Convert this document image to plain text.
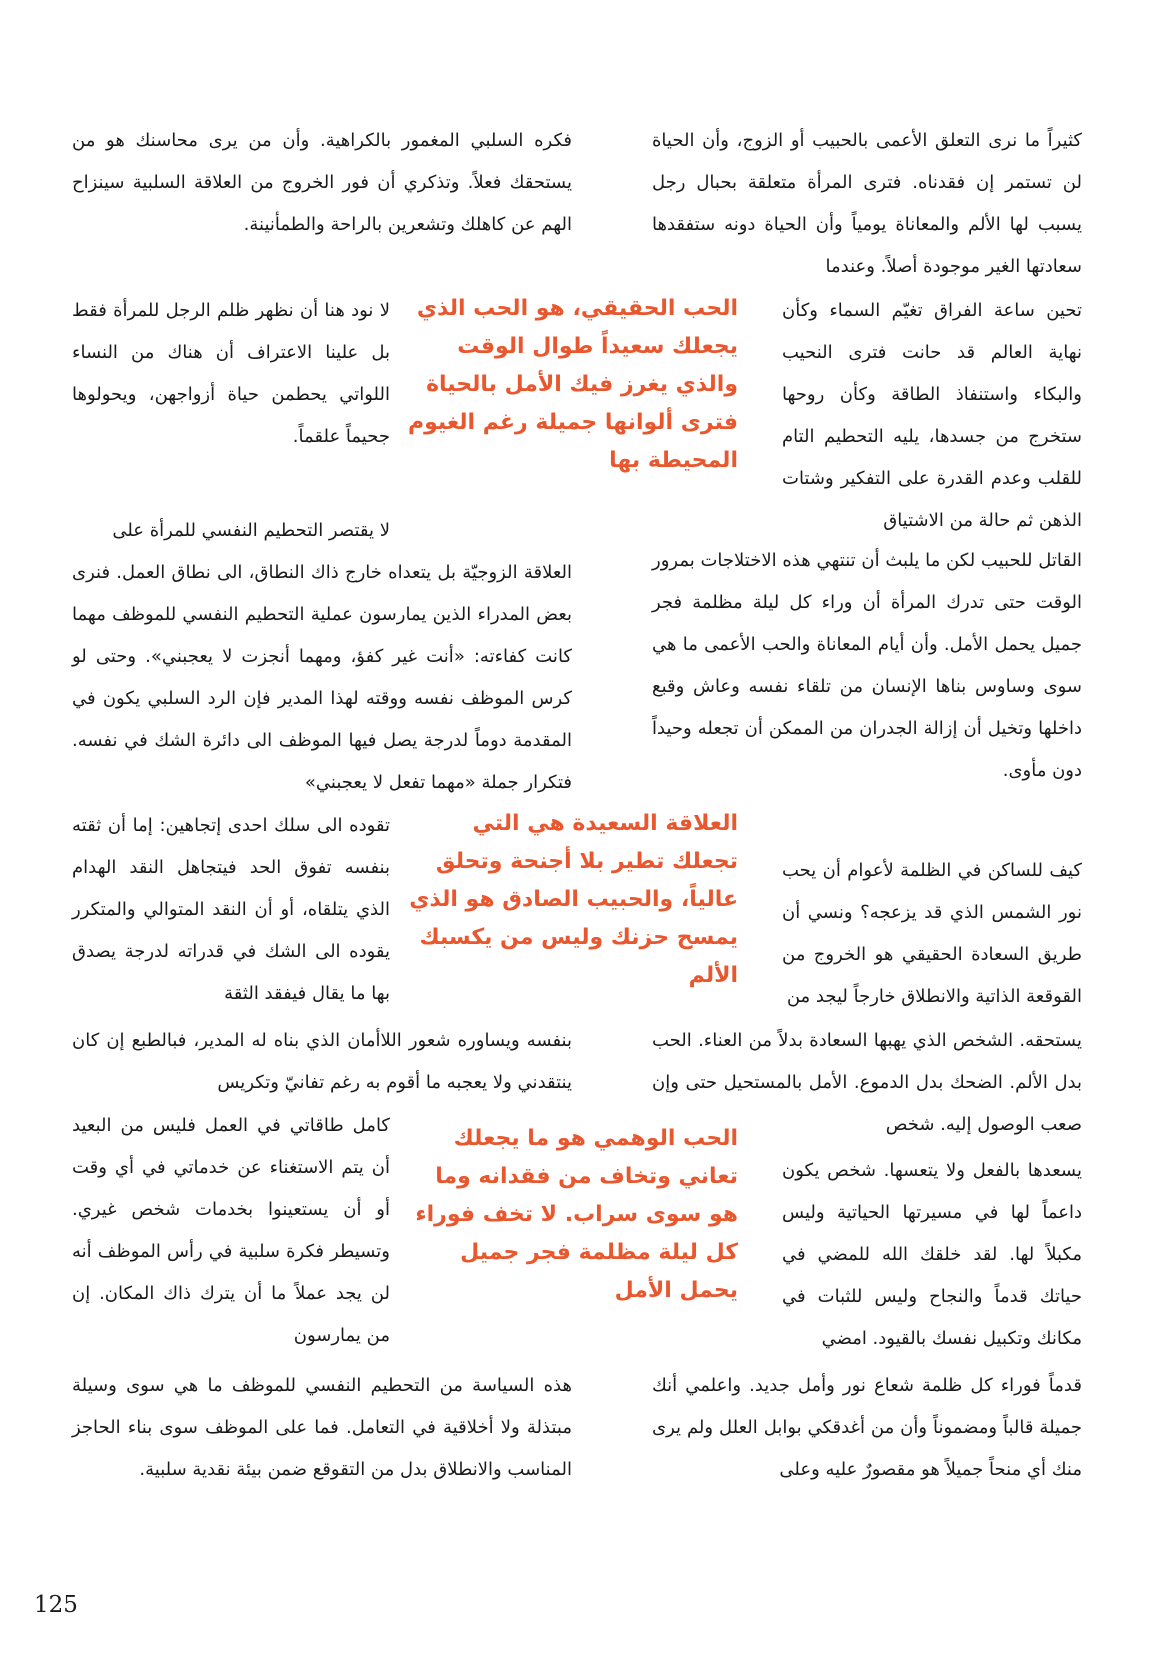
كثيراً ما نرى التعلق الأعمى بالحبيب أو الزوج، وأن الحياة لن تستمر إن فقدناه. فترى المرأة متعلقة بحبال رجل يسبب لها الألم والمعاناة يومياً وأن الحياة دونه ستفقدها سعادتها الغير موجودة أصلاً. وعندما

تحين ساعة الفراق تغيّم السماء وكأن نهاية العالم قد حانت فترى النحيب والبكاء واستنفاذ الطاقة وكأن روحها ستخرج من جسدها، يليه التحطيم التام للقلب وعدم القدرة على التفكير وشتات الذهن ثم حالة من الاشتياق

القاتل للحبيب لكن ما يلبث أن تنتهي هذه الاختلاجات بمرور الوقت حتى تدرك المرأة أن وراء كل ليلة مظلمة فجر جميل يحمل الأمل. وأن أيام المعاناة والحب الأعمى ما هي سوى وساوس بناها الإنسان من تلقاء نفسه وعاش وقبع داخلها وتخيل أن إزالة الجدران من الممكن أن تجعله وحيداً دون مأوى.

كيف للساكن في الظلمة لأعوام أن يحب نور الشمس الذي قد يزعجه؟ ونسي أن طريق السعادة الحقيقي هو الخروج من القوقعة الذاتية والانطلاق خارجاً ليجد من

يستحقه. الشخص الذي يهبها السعادة بدلاً من العناء. الحب بدل الألم. الضحك بدل الدموع. الأمل بالمستحيل حتى وإن صعب الوصول إليه. شخص

يسعدها بالفعل ولا يتعسها. شخص يكون داعماً لها في مسيرتها الحياتية وليس مكبلاً لها. لقد خلقك الله للمضي في حياتك قدماً والنجاح وليس للثبات في مكانك وتكبيل نفسك بالقيود. امضي

قدماً فوراء كل ظلمة شعاع نور وأمل جديد. واعلمي أنك جميلة قالباً ومضموناً وأن من أغدقكي بوابل العلل ولم يرى منك أي منحاً جميلاً هو مقصورٌ عليه وعلى

فكره السلبي المغمور بالكراهية. وأن من يرى محاسنك هو من يستحقك فعلاً. وتذكري أن فور الخروج من العلاقة السلبية سينزاح الهم عن كاهلك وتشعرين بالراحة والطمأنينة.

لا نود هنا أن نظهر ظلم الرجل للمرأة فقط بل علينا الاعتراف أن هناك من النساء اللواتي يحطمن حياة أزواجهن، ويحولوها جحيماً علقماً.

لا يقتصر التحطيم النفسي للمرأة على

العلاقة الزوجيّة بل يتعداه خارج ذاك النطاق، الى نطاق العمل. فنرى بعض المدراء الذين يمارسون عملية التحطيم النفسي للموظف مهما كانت كفاءته: «أنت غير كفؤ، ومهما أنجزت لا يعجبني». وحتى لو كرس الموظف نفسه ووقته لهذا المدير فإن الرد السلبي يكون في المقدمة دوماً لدرجة يصل فيها الموظف الى دائرة الشك في نفسه. فتكرار جملة «مهما تفعل لا يعجبني»

تقوده الى سلك احدى إتجاهين: إما أن ثقته بنفسه تفوق الحد فيتجاهل النقد الهدام الذي يتلقاه، أو أن النقد المتوالي والمتكرر يقوده الى الشك في قدراته لدرجة يصدق بها ما يقال فيفقد الثقة

بنفسه ويساوره شعور اللاأمان الذي بناه له المدير، فبالطبع إن كان ينتقدني ولا يعجبه ما أقوم به رغم تفانيّ وتكريس

كامل طاقاتي في العمل فليس من البعيد أن يتم الاستغناء عن خدماتي في أي وقت أو أن يستعينوا بخدمات شخص غيري. وتسيطر فكرة سلبية في رأس الموظف أنه لن يجد عملاً ما أن يترك ذاك المكان. إن من يمارسون

هذه السياسة من التحطيم النفسي للموظف ما هي سوى وسيلة مبتذلة ولا أخلاقية في التعامل. فما على الموظف سوى بناء الحاجز المناسب والانطلاق بدل من التقوقع ضمن بيئة نقدية سلبية.

الحب الحقيقي، هو الحب الذي يجعلك سعيداً طوال الوقت والذي يغرز فيك الأمل بالحياة فترى ألوانها جميلة رغم الغيوم المحيطة بها

العلاقة السعيدة هي التي تجعلك تطير بلا أجنحة وتحلق عالياً، والحبيب الصادق هو الذي يمسح حزنك وليس من يكسبك الألم

الحب الوهمي هو ما يجعلك تعاني وتخاف من فقدانه وما هو سوى سراب. لا تخف فوراء كل ليلة مظلمة فجر جميل يحمل الأمل

125
